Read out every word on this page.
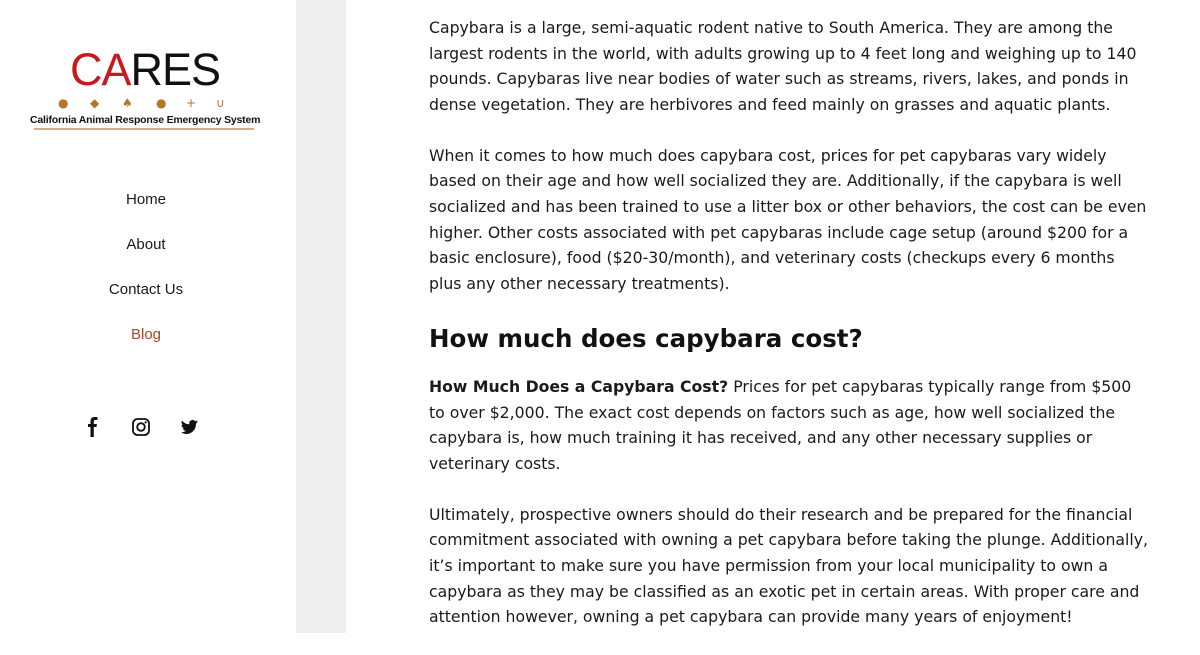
CARES
● ◆ ♠ ● + ∪
California Animal Response Emergency System
Home
About
Contact Us
Blog

Capybara is a large, semi-aquatic rodent native to South America. They are among the largest rodents in the world, with adults growing up to 4 feet long and weighing up to 140 pounds. Capybaras live near bodies of water such as streams, rivers, lakes, and ponds in dense vegetation. They are herbivores and feed mainly on grasses and aquatic plants.

When it comes to how much does capybara cost, prices for pet capybaras vary widely based on their age and how well socialized they are. Additionally, if the capybara is well socialized and has been trained to use a litter box or other behaviors, the cost can be even higher. Other costs associated with pet capybaras include cage setup (around $200 for a basic enclosure), food ($20-30/month), and veterinary costs (checkups every 6 months plus any other necessary treatments).

How much does capybara cost?

How Much Does a Capybara Cost? Prices for pet capybaras typically range from $500 to over $2,000. The exact cost depends on factors such as age, how well socialized the capybara is, how much training it has received, and any other necessary supplies or veterinary costs.

Ultimately, prospective owners should do their research and be prepared for the financial commitment associated with owning a pet capybara before taking the plunge. Additionally, it’s important to make sure you have permission from your local municipality to own a capybara as they may be classified as an exotic pet in certain areas. With proper care and attention however, owning a pet capybara can provide many years of enjoyment!
